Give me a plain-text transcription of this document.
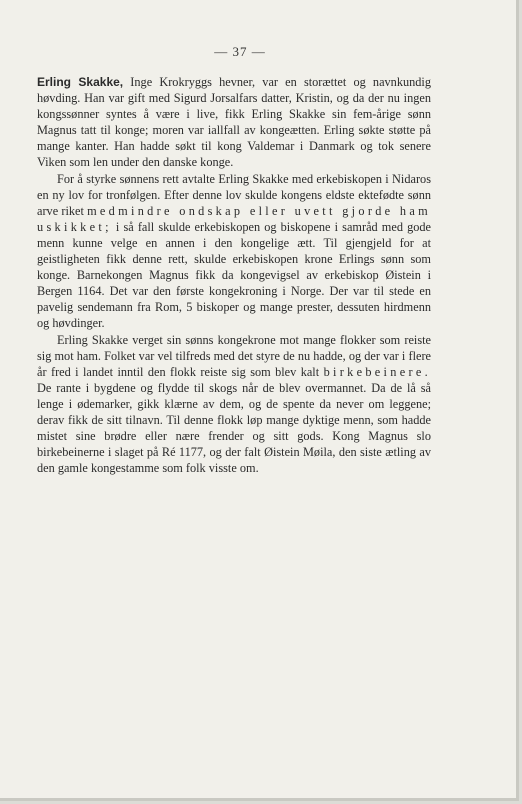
— 37 —

Erling Skakke, Inge Krokryggs hevner, var en storættet og navnkundig høvding. Han var gift med Sigurd Jorsalfars datter, Kristin, og da der nu ingen kongssønner syntes å være i live, fikk Erling Skakke sin fem-årige sønn Magnus tatt til konge; moren var iallfall av kongeætten. Erling søkte støtte på mange kanter. Han hadde søkt til kong Valdemar i Danmark og tok senere Viken som len under den danske konge.

For å styrke sønnens rett avtalte Erling Skakke med erkebiskopen i Nidaros en ny lov for tronfølgen. Efter denne lov skulde kongens eldste ektefødte sønn arve riket medmindre ondskap eller uvett gjorde ham uskikket; i så fall skulde erkebiskopen og biskopene i samråd med gode menn kunne velge en annen i den kongelige ætt. Til gjengjeld for at geistligheten fikk denne rett, skulde erkebiskopen krone Erlings sønn som konge. Barnekongen Magnus fikk da kongevigsel av erkebiskop Øistein i Bergen 1164. Det var den første kongekroning i Norge. Der var til stede en pavelig sendemann fra Rom, 5 biskoper og mange prester, dessuten hirdmenn og høvdinger.

Erling Skakke verget sin sønns kongekrone mot mange flokker som reiste sig mot ham. Folket var vel tilfreds med det styre de nu hadde, og der var i flere år fred i landet inntil den flokk reiste sig som blev kalt birkebeinere. De rante i bygdene og flydde til skogs når de blev overmannet. Da de lå så lenge i ødemarker, gikk klærne av dem, og de spente da never om leggene; derav fikk de sitt tilnavn. Til denne flokk løp mange dyktige menn, som hadde mistet sine brødre eller nære frender og sitt gods. Kong Magnus slo birkebeinerne i slaget på Ré 1177, og der falt Øistein Møila, den siste ætling av den gamle kongestamme som folk visste om.
